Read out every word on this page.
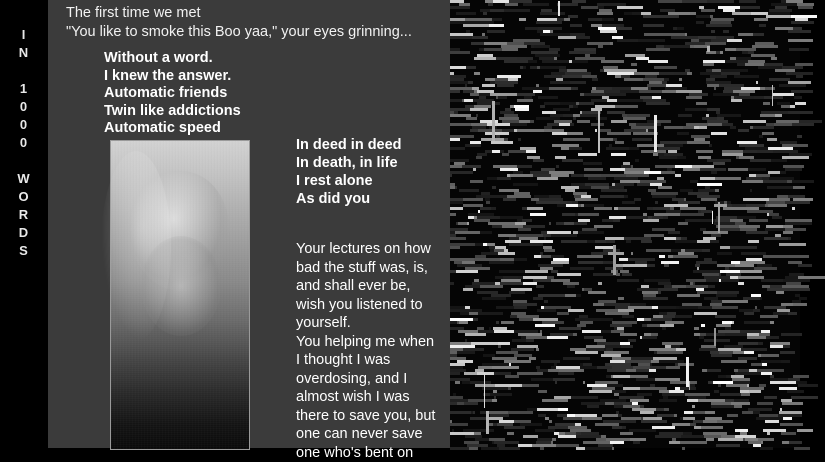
I
N

1
0
0
0

W
O
R
D
S
The first time we met
"You like to smoke this Boo yaa," your eyes grinning...
Without a word.
I knew the answer.
Automatic friends
Twin like addictions
Automatic speed
In deed in deed
In death, in life
I rest alone
As did you
Your lectures on how
bad the stuff was, is,
and shall ever be,
wish you listened to
yourself.
You helping me when
I thought I was
overdosing, and I
almost wish I was
there to save you, but
one can never save
one who's bent on
